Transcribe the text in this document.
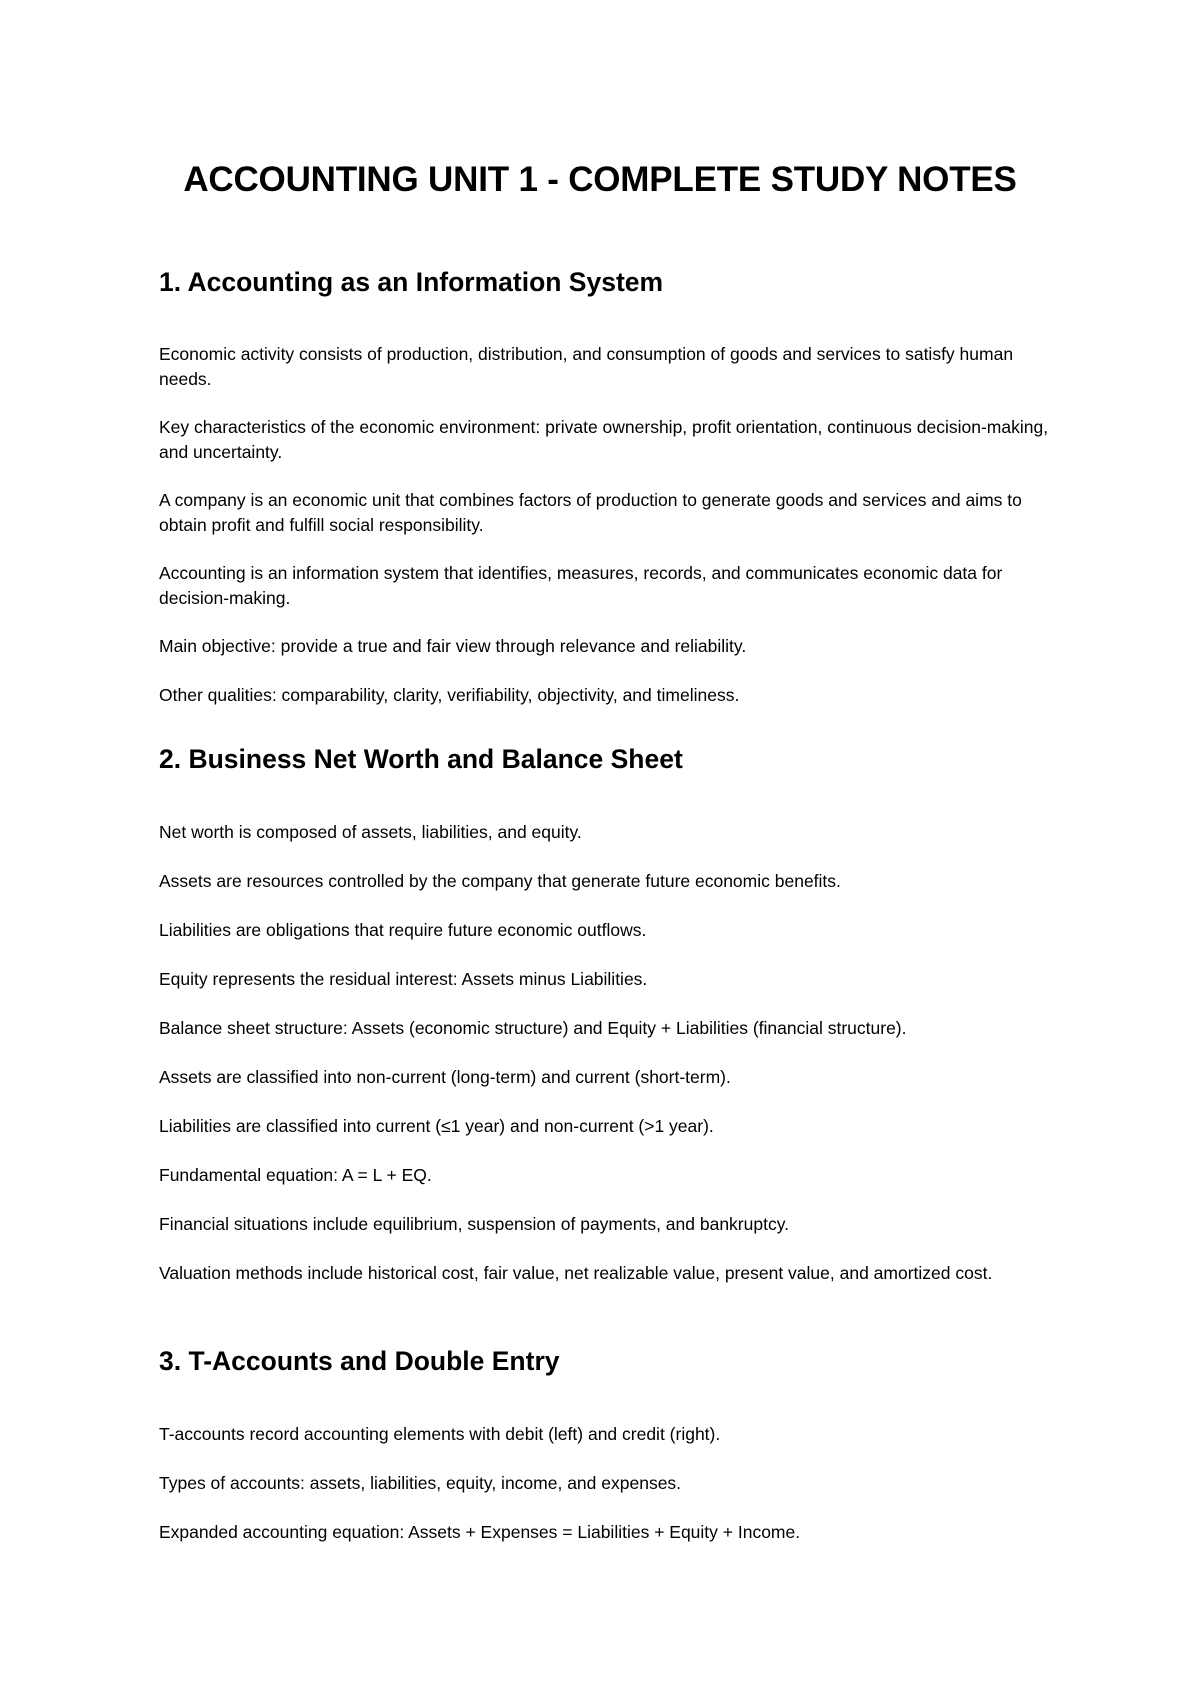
ACCOUNTING UNIT 1 - COMPLETE STUDY NOTES
1. Accounting as an Information System

Economic activity consists of production, distribution, and consumption of goods and services to satisfy human needs.

Key characteristics of the economic environment: private ownership, profit orientation, continuous decision-making, and uncertainty.

A company is an economic unit that combines factors of production to generate goods and services and aims to obtain profit and fulfill social responsibility.

Accounting is an information system that identifies, measures, records, and communicates economic data for decision-making.

Main objective: provide a true and fair view through relevance and reliability.

Other qualities: comparability, clarity, verifiability, objectivity, and timeliness.

2. Business Net Worth and Balance Sheet

Net worth is composed of assets, liabilities, and equity.

Assets are resources controlled by the company that generate future economic benefits.

Liabilities are obligations that require future economic outflows.

Equity represents the residual interest: Assets minus Liabilities.

Balance sheet structure: Assets (economic structure) and Equity + Liabilities (financial structure).

Assets are classified into non-current (long-term) and current (short-term).

Liabilities are classified into current (≤1 year) and non-current (>1 year).

Fundamental equation: A = L + EQ.

Financial situations include equilibrium, suspension of payments, and bankruptcy.

Valuation methods include historical cost, fair value, net realizable value, present value, and amortized cost.

3. T-Accounts and Double Entry

T-accounts record accounting elements with debit (left) and credit (right).

Types of accounts: assets, liabilities, equity, income, and expenses.

Expanded accounting equation: Assets + Expenses = Liabilities + Equity + Income.
